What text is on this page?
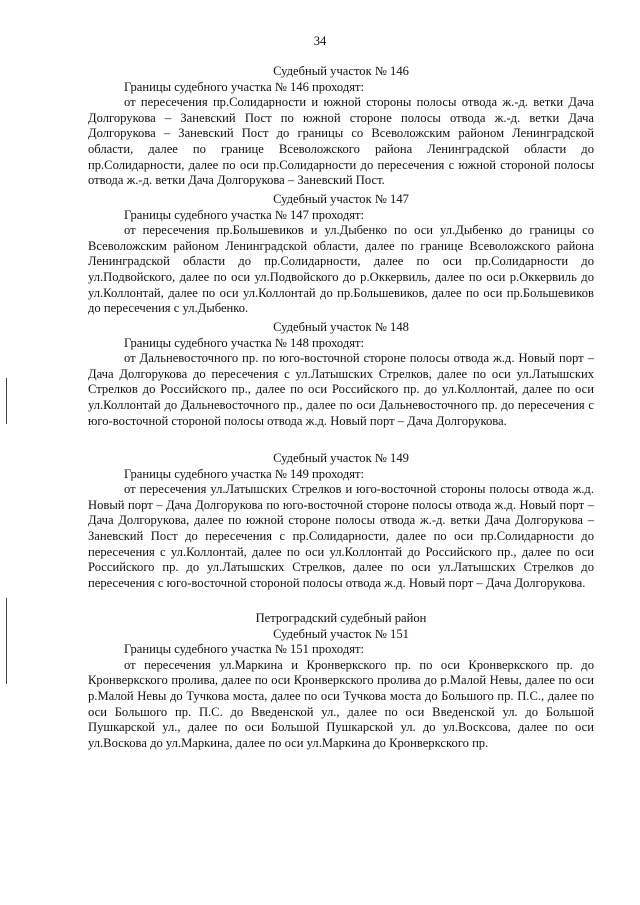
34
Судебный участок № 146
Границы судебного участка № 146 проходят:
от пересечения пр.Солидарности и южной стороны полосы отвода ж.-д. ветки Дача Долгорукова – Заневский Пост по южной стороне полосы отвода ж.-д. ветки Дача Долгорукова – Заневский Пост до границы со Всеволожским районом Ленинградской области, далее по границе Всеволожского района Ленинградской области до пр.Солидарности, далее по оси пр.Солидарности до пересечения с южной стороной полосы отвода ж.-д. ветки Дача Долгорукова – Заневский Пост.
Судебный участок № 147
Границы судебного участка № 147 проходят:
от пересечения пр.Большевиков и ул.Дыбенко по оси ул.Дыбенко до границы со Всеволожским районом Ленинградской области, далее по границе Всеволожского района Ленинградской области до пр.Солидарности, далее по оси пр.Солидарности до ул.Подвойского, далее по оси ул.Подвойского до р.Оккервиль, далее по оси р.Оккервиль до ул.Коллонтай, далее по оси ул.Коллонтай до пр.Большевиков, далее по оси пр.Большевиков до пересечения с ул.Дыбенко.
Судебный участок № 148
Границы судебного участка № 148 проходят:
от Дальневосточного пр. по юго-восточной стороне полосы отвода ж.д. Новый порт – Дача Долгорукова до пересечения с ул.Латышских Стрелков, далее по оси ул.Латышских Стрелков до Российского пр., далее по оси Российского пр. до ул.Коллонтай, далее по оси ул.Коллонтай до Дальневосточного пр., далее по оси Дальневосточного пр. до пересечения с юго-восточной стороной полосы отвода ж.д. Новый порт – Дача Долгорукова.
Судебный участок № 149
Границы судебного участка № 149 проходят:
от пересечения ул.Латышских Стрелков и юго-восточной стороны полосы отвода ж.д. Новый порт – Дача Долгорукова по юго-восточной стороне полосы отвода ж.д. Новый порт – Дача Долгорукова, далее по южной стороне полосы отвода ж.-д. ветки Дача Долгорукова – Заневский Пост до пересечения с пр.Солидарности, далее по оси пр.Солидарности до пересечения с ул.Коллонтай, далее по оси ул.Коллонтай до Российского пр., далее по оси Российского пр. до ул.Латышских Стрелков, далее по оси ул.Латышских Стрелков до пересечения с юго-восточной стороной полосы отвода ж.д. Новый порт – Дача Долгорукова.
Петроградский судебный район
Судебный участок № 151
Границы судебного участка № 151 проходят:
от пересечения ул.Маркина и Кронверкского пр. по оси Кронверкского пр. до Кронверкского пролива, далее по оси Кронверкского пролива до р.Малой Невы, далее по оси р.Малой Невы до Тучкова моста, далее по оси Тучкова моста до Большого пр. П.С., далее по оси Большого пр. П.С. до Введенской ул., далее по оси Введенской ул. до Большой Пушкарской ул., далее по оси Большой Пушкарской ул. до ул.Восксова, далее по оси ул.Воскова до ул.Маркина, далее по оси ул.Маркина до Кронверкского пр.
